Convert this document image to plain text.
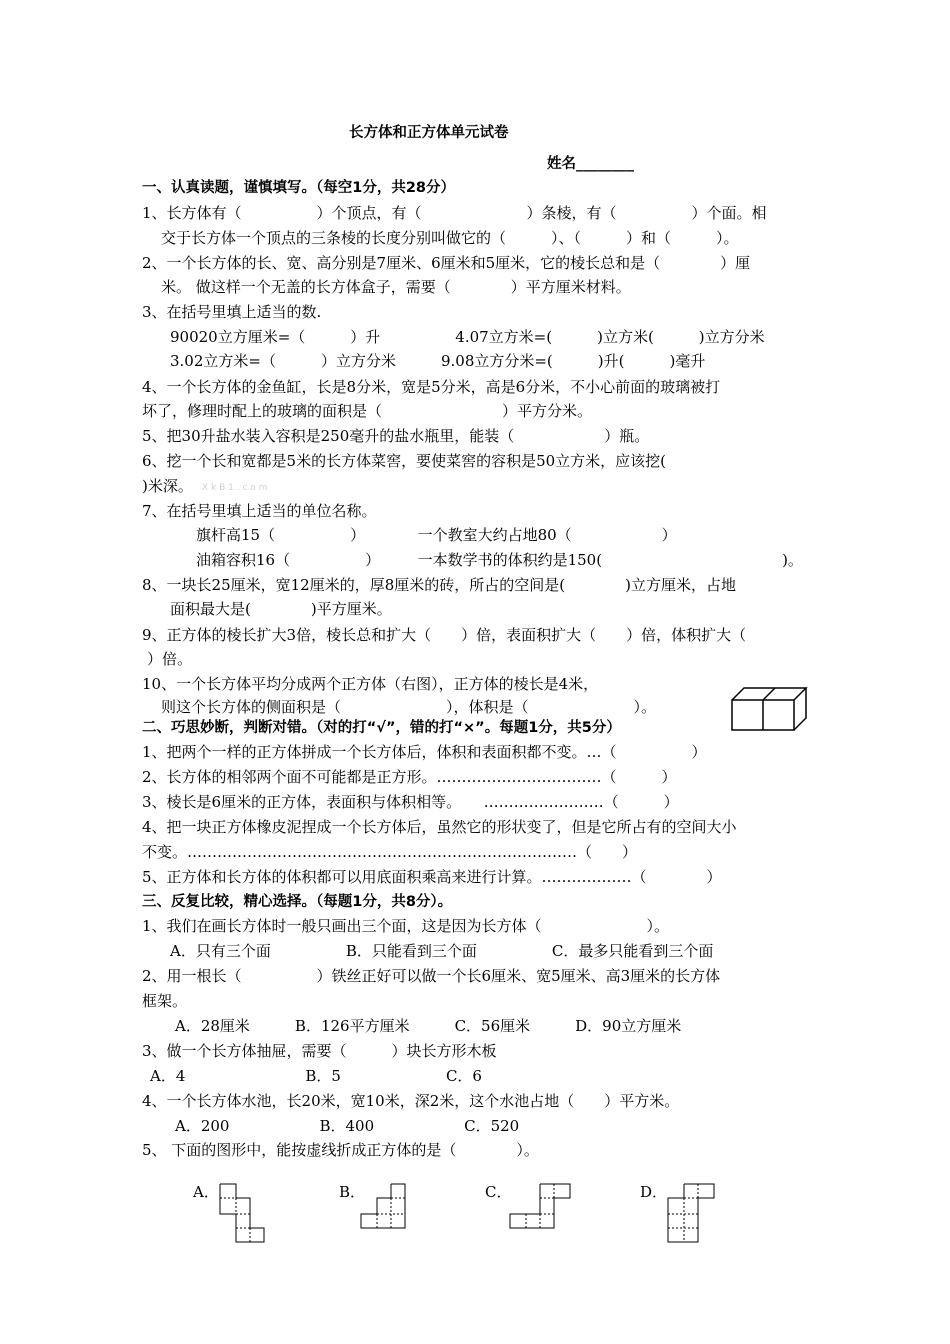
长方体和正方体单元试卷
姓名________
一、认真读题，谨慎填写。（每空1分，共28分）
1、长方体有（　　　　　）个顶点，有（　　　　　　　）条棱，有（　　　　　）个面。相
交于长方体一个顶点的三条棱的长度分别叫做它的（　　　）、（　　　）和（　　　）。
2、一个长方体的长、宽、高分别是7厘米、6厘米和5厘米，它的棱长总和是（　　　　）厘
米。 做这样一个无盖的长方体盒子，需要（　　　　）平方厘米材料。
3、在括号里填上适当的数.
90020立方厘米=（　　　）升　　　　　4.07立方米=(　　　)立方米(　　　)立方分米
3.02立方米=（　　　）立方分米　　　9.08立方分米=(　　　)升(　　　)毫升
4、一个长方体的金鱼缸，长是8分米，宽是5分米，高是6分米，不小心前面的玻璃被打
坏了，修理时配上的玻璃的面积是（　　　　　　　　）平方分米。
5、把30升盐水装入容积是250毫升的盐水瓶里，能装（　　　　　　）瓶。
6、挖一个长和宽都是5米的长方体菜窖，要使菜窖的容积是50立方米，应该挖(
)米深。 X k B 1 . c o m
7、在括号里填上适当的单位名称。
旗杆高15（　　　　　）　　　　一个教室大约占地80（　　　　　　）
油箱容积16（　　　　　）　　　一本数学书的体积约是150(　　　　　　　　　　　　)。
8、一块长25厘米，宽12厘米的，厚8厘米的砖，所占的空间是(　　　　)立方厘米，占地
面积最大是(　　　　)平方厘米。
9、正方体的棱长扩大3倍，棱长总和扩大（　　）倍，表面积扩大（　　）倍，体积扩大（
）倍。
10、一个长方体平均分成两个正方体（右图），正方体的棱长是4米，
则这个长方体的侧面积是（　　　　　　　），体积是（　　　　　　　）。
二、巧思妙断，判断对错。（对的打“√”，错的打“×”。每题1分，共5分）
1、把两个一样的正方体拼成一个长方体后，体积和表面积都不变。…（　　　　　）
2、长方体的相邻两个面不可能都是正方形。……………………………（　　　）
3、棱长是6厘米的正方体，表面积与体积相等。　　……………………（　　　）
4、把一块正方体橡皮泥捏成一个长方体后，虽然它的形状变了，但是它所占有的空间大小
不变。……………………………………………………………………（　　）
5、正方体和长方体的体积都可以用底面积乘高来进行计算。………………（　　　　）
三、反复比较，精心选择。（每题1分，共8分）。
1、我们在画长方体时一般只画出三个面，这是因为长方体（　　　　　　　）。
A．只有三个面　　　　　B．只能看到三个面　　　　　C．最多只能看到三个面
2、用一根长（　　　　　）铁丝正好可以做一个长6厘米、宽5厘米、高3厘米的长方体
框架。
A．28厘米　　　B．126平方厘米　　　C．56厘米　　　D．90立方厘米
3、做一个长方体抽屉，需要（　　　）块长方形木板
A．4　　　　　　　　B．5　　　　　　　C．6
4、一个长方体水池，长20米，宽10米，深2米，这个水池占地（　　）平方米。
A．200　　　　　　B．400　　　　　　C．520
5、 下面的图形中，能按虚线折成正方体的是（　　　　）。
A．	B．	C．	D．
